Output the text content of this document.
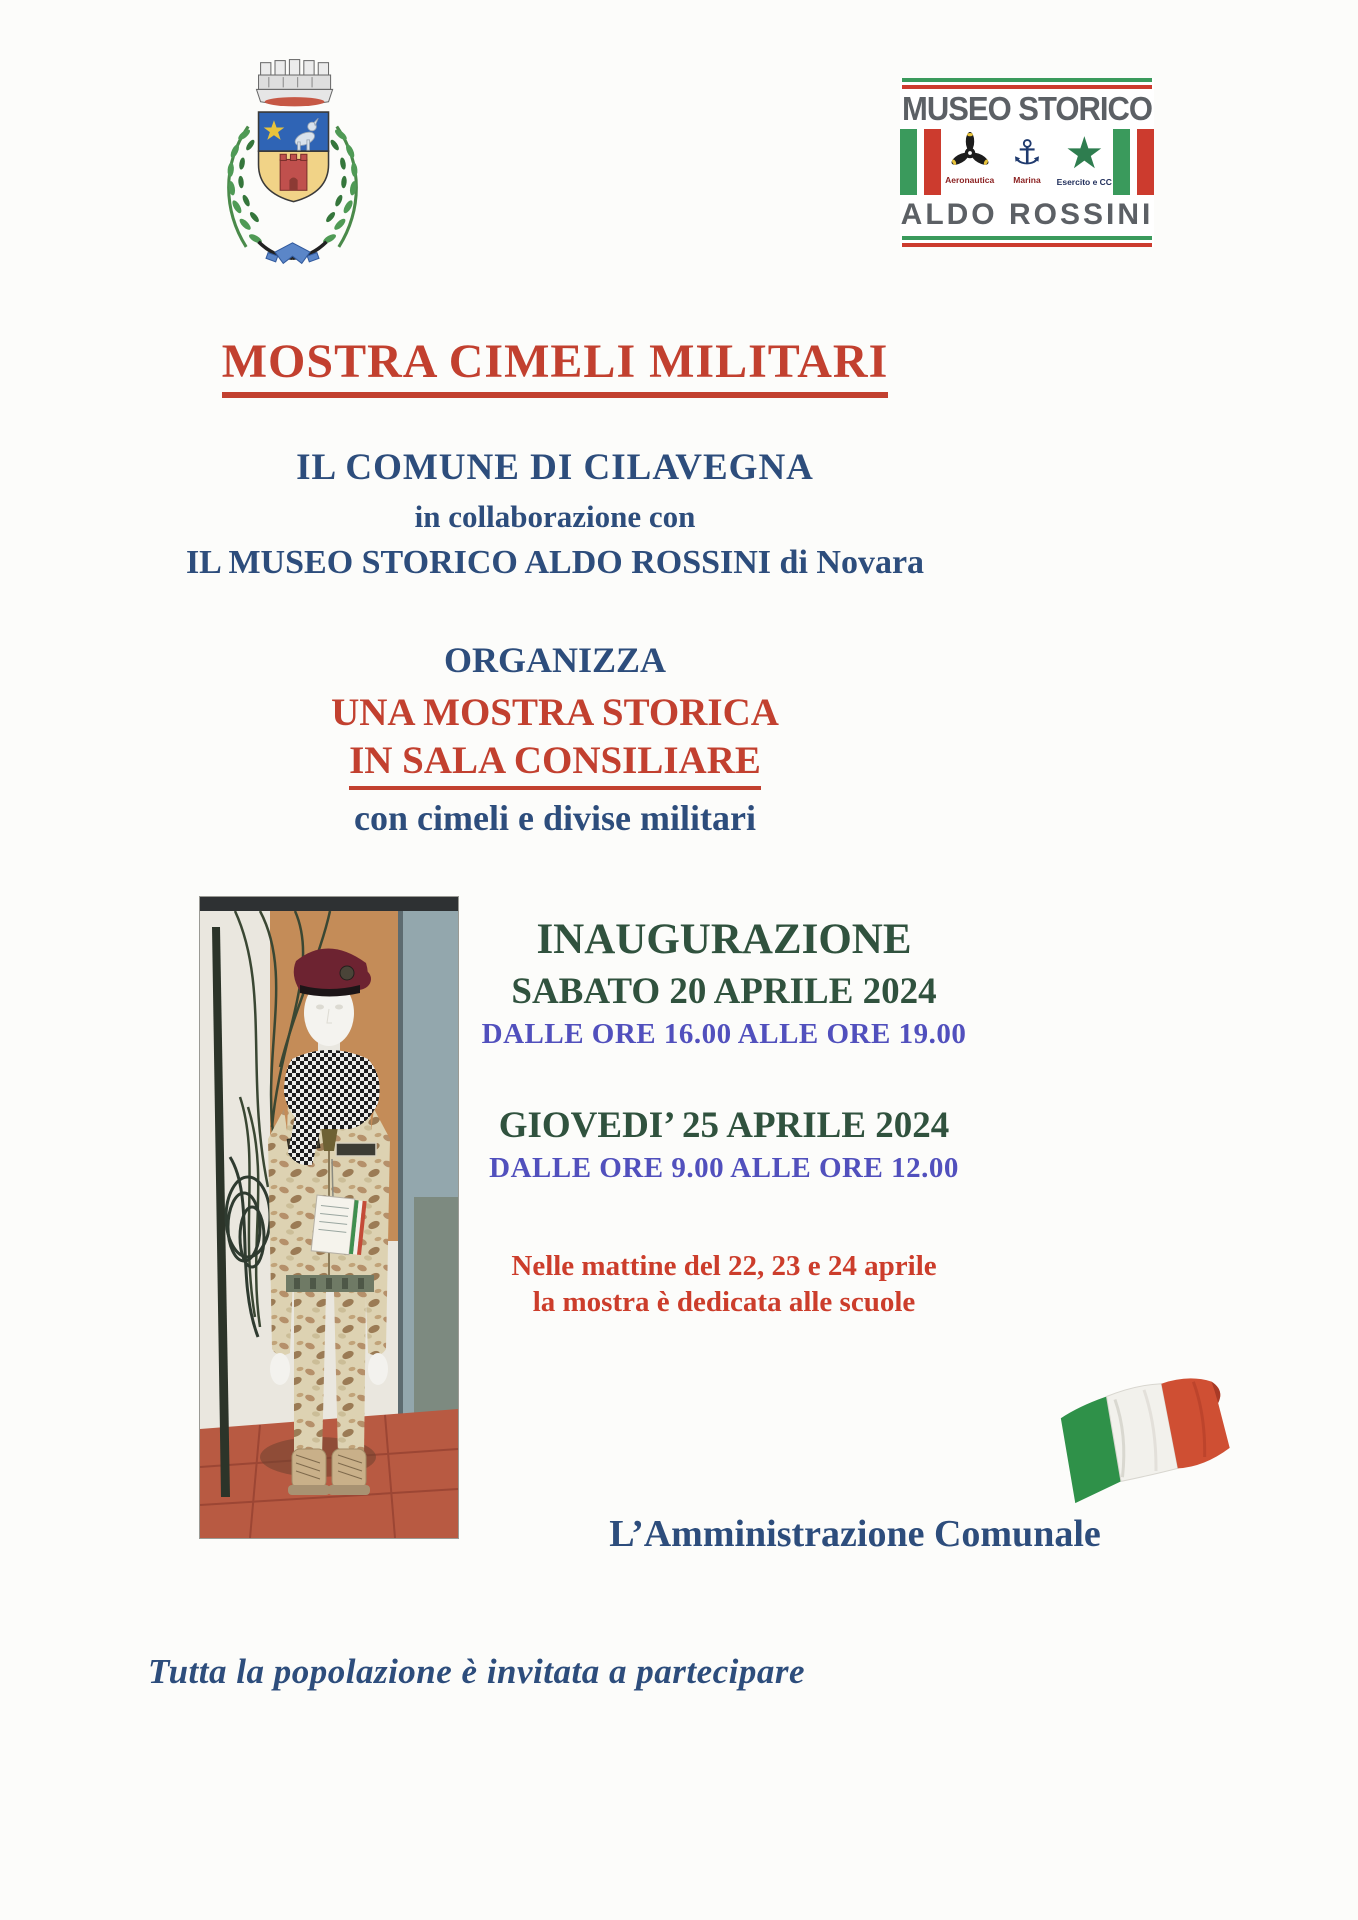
MUSEO STORICO
Aeronautica
⚓
Marina
★
Esercito e CC
ALDO ROSSINI
MOSTRA CIMELI MILITARI
IL COMUNE DI CILAVEGNA
in collaborazione con
IL MUSEO STORICO ALDO ROSSINI di Novara
ORGANIZZA
UNA MOSTRA STORICA
IN SALA CONSILIARE
con cimeli e divise militari
INAUGURAZIONE
SABATO 20 APRILE 2024
DALLE ORE 16.00 ALLE ORE 19.00
GIOVEDI’ 25 APRILE 2024
DALLE ORE 9.00 ALLE ORE 12.00
Nelle mattine del 22, 23 e 24 aprile
la mostra è dedicata alle scuole
L’Amministrazione Comunale
Tutta la popolazione è invitata a partecipare
